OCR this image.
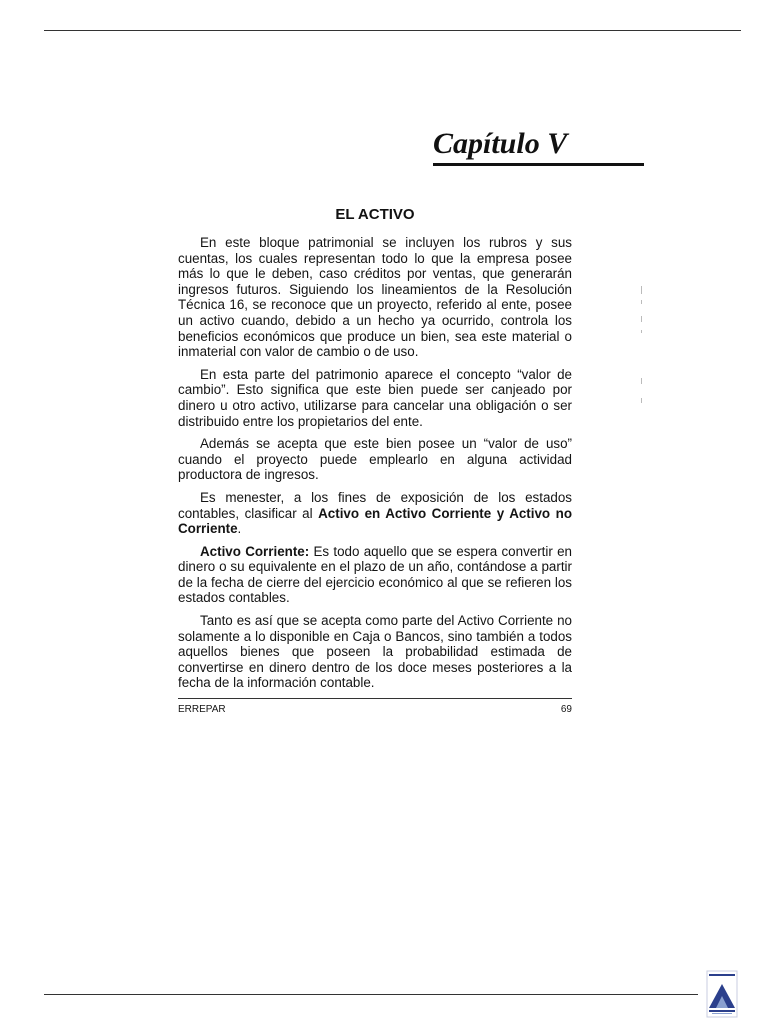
Capítulo V
EL ACTIVO

En este bloque patrimonial se incluyen los rubros y sus cuentas, los cuales representan todo lo que la empresa posee más lo que le deben, caso créditos por ventas, que generarán ingresos futuros. Siguiendo los lineamientos de la Resolución Técnica 16, se reconoce que un proyecto, referido al ente, posee un activo cuando, debido a un hecho ya ocurrido, controla los beneficios económicos que produce un bien, sea este material o inmaterial con valor de cambio o de uso.

En esta parte del patrimonio aparece el concepto “valor de cambio”. Esto significa que este bien puede ser canjeado por dinero u otro activo, utilizarse para cancelar una obligación o ser distribuido entre los propietarios del ente.

Además se acepta que este bien posee un “valor de uso” cuando el proyecto puede emplearlo en alguna actividad productora de ingresos.

Es menester, a los fines de exposición de los estados contables, clasificar al Activo en Activo Corriente y Activo no Corriente.

Activo Corriente: Es todo aquello que se espera convertir en dinero o su equivalente en el plazo de un año, contándose a partir de la fecha de cierre del ejercicio económico al que se refieren los estados contables.

Tanto es así que se acepta como parte del Activo Corriente no solamente a lo disponible en Caja o Bancos, sino también a todos aquellos bienes que poseen la probabilidad estimada de convertirse en dinero dentro de los doce meses posteriores a la fecha de la información contable.

ERREPAR	69
